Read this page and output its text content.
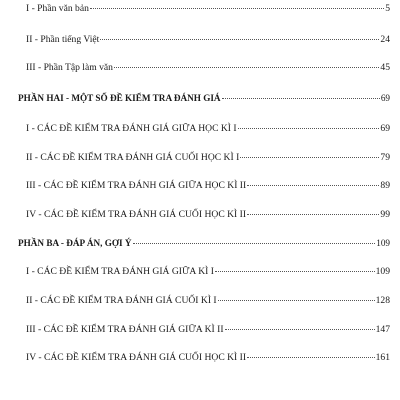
I - Phần văn bản	5
II - Phần tiếng Việt	24
III - Phần Tập làm văn	45
PHẦN HAI - MỘT SỐ ĐỀ KIỂM TRA ĐÁNH GIÁ	69
I - CÁC ĐỀ KIỂM TRA ĐÁNH GIÁ GIỮA HỌC KÌ I	69
II - CÁC ĐỀ KIỂM TRA ĐÁNH GIÁ CUỐI HỌC KÌ I	79
III - CÁC ĐỀ KIỂM TRA ĐÁNH GIÁ GIỮA HỌC KÌ II	89
IV - CÁC ĐỀ KIỂM TRA ĐÁNH GIÁ CUỐI HỌC KÌ II	99
PHẦN BA - ĐÁP ÁN, GỢI Ý	109
I - CÁC ĐỀ KIỂM TRA ĐÁNH GIÁ GIỮA KÌ I	109
II - CÁC ĐỀ KIỂM TRA ĐÁNH GIÁ CUỐI KÌ I	128
III - CÁC ĐỀ KIỂM TRA ĐÁNH GIÁ GIỮA KÌ II	147
IV - CÁC ĐỀ KIỂM TRA ĐÁNH GIÁ CUỐI HỌC KÌ II	161
